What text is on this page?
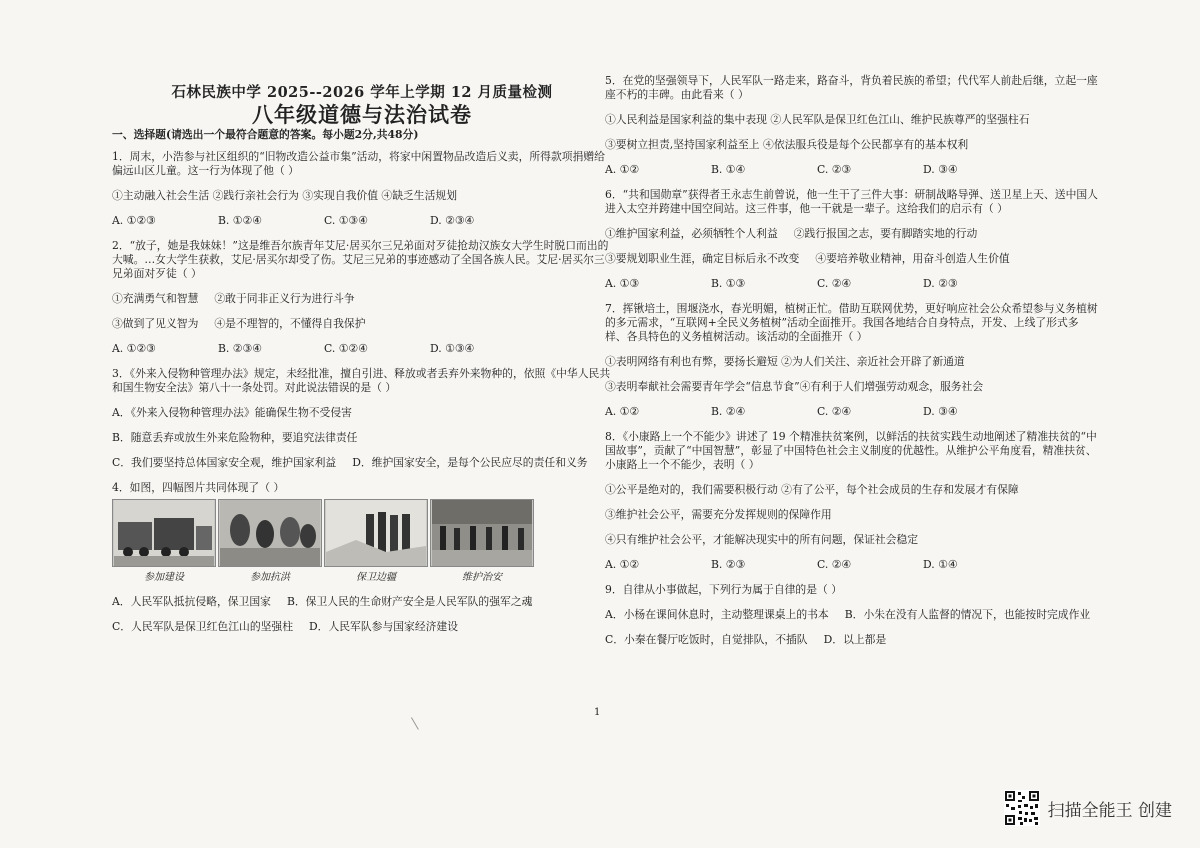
石林民族中学 2025--2026 学年上学期 12 月质量检测
八年级道德与法治试卷
一、选择题(请选出一个最符合题意的答案。每小题2分,共48分)

1．周末，小浩参与社区组织的“旧物改造公益市集”活动，将家中闲置物品改造后义卖，所得款项捐赠给偏远山区儿童。这一行为体现了他（ ）

①主动融入社会生活 ②践行亲社会行为 ③实现自我价值 ④缺乏生活规划

A. ①②③	B. ①②④	C. ①③④	D. ②③④

2．“放子，她是我妹妹！”这是维吾尔族青年艾尼·居买尔三兄弟面对歹徒抢劫汉族女大学生时脱口而出的大喊。…女大学生获救，艾尼·居买尔却受了伤。艾尼三兄弟的事迹感动了全国各族人民。艾尼·居买尔三兄弟面对歹徒（ ）

①充满勇气和智慧 ②敢于同非正义行为进行斗争
③做到了见义智为 ④是不理智的，不懂得自我保护
A. ①②③	B. ②③④	C. ①②④	D. ①③④

3．《外来入侵物种管理办法》规定，未经批准，擅自引进、释放或者丢弃外来物种的，依照《中华人民共和国生物安全法》第八十一条处罚。对此说法错误的是（ ）

A．《外来入侵物种管理办法》能确保生物不受侵害

B．随意丢弃或放生外来危险物种，要追究法律责任

C．我们要坚持总体国家安全观，维护国家利益 D．维护国家安全，是每个公民应尽的责任和义务

4．如图，四幅图片共同体现了（ ）

参加建设	参加抗洪	保卫边疆	维护治安
A．人民军队抵抗侵略，保卫国家 B．保卫人民的生命财产安全是人民军队的强军之魂
C．人民军队是保卫红色江山的坚强柱 D．人民军队参与国家经济建设

5．在党的坚强领导下，人民军队一路走来，路奋斗，背负着民族的希望；代代军人前赴后继，立起一座座不朽的丰碑。由此看来（ ）

①人民利益是国家利益的集中表现 ②人民军队是保卫红色江山、维护民族尊严的坚强柱石

③要树立担责,坚持国家利益至上 ④依法服兵役是每个公民都享有的基本权利

A. ①②	B. ①④	C. ②③	D. ③④

6．“共和国勋章”获得者王永志生前曾说，他一生干了三件大事：研制战略导弹、送卫星上天、送中国人进入太空并跨建中国空间站。这三件事，他一干就是一辈子。这给我们的启示有（ ）

①维护国家利益，必须牺牲个人利益 ②践行报国之志，要有脚踏实地的行动
③要规划职业生涯，确定目标后永不改变 ④要培养敬业精神，用奋斗创造人生价值
A. ①③	B. ①③	C. ②④	D. ②③

7．挥锹培土，围堰浇水，春光明媚，植树正忙。借助互联网优势，更好响应社会公众希望参与义务植树的多元需求，“互联网+全民义务植树”活动全面推开。我国各地结合自身特点，开发、上线了形式多样、各具特色的义务植树活动。该活动的全面推开（ ）

①表明网络有利也有弊，要扬长避短 ②为人们关注、亲近社会开辟了新通道

③表明奉献社会需要青年学会“信息节食”④有利于人们增强劳动观念，服务社会

A. ①②	B. ②④	C. ②④	D. ③④

8．《小康路上一个不能少》讲述了 19 个精准扶贫案例，以鲜活的扶贫实践生动地阐述了精准扶贫的“中国故事”，贡献了“中国智慧”，彰显了中国特色社会主义制度的优越性。从维护公平角度看，精准扶贫、小康路上一个不能少，表明（ ）

①公平是绝对的，我们需要积极行动 ②有了公平，每个社会成员的生存和发展才有保障

③维护社会公平，需要充分发挥规则的保障作用

④只有维护社会公平，才能解决现实中的所有问题，保证社会稳定

A. ①②	B. ②③	C. ②④	D. ①④

9．自律从小事做起，下列行为属于自律的是（ ）

A．小杨在课间休息时，主动整理课桌上的书本 B．小朱在没有人监督的情况下，也能按时完成作业
C．小秦在餐厅吃饭时，自觉排队，不插队 D．以上都是
1
扫描全能王 创建
